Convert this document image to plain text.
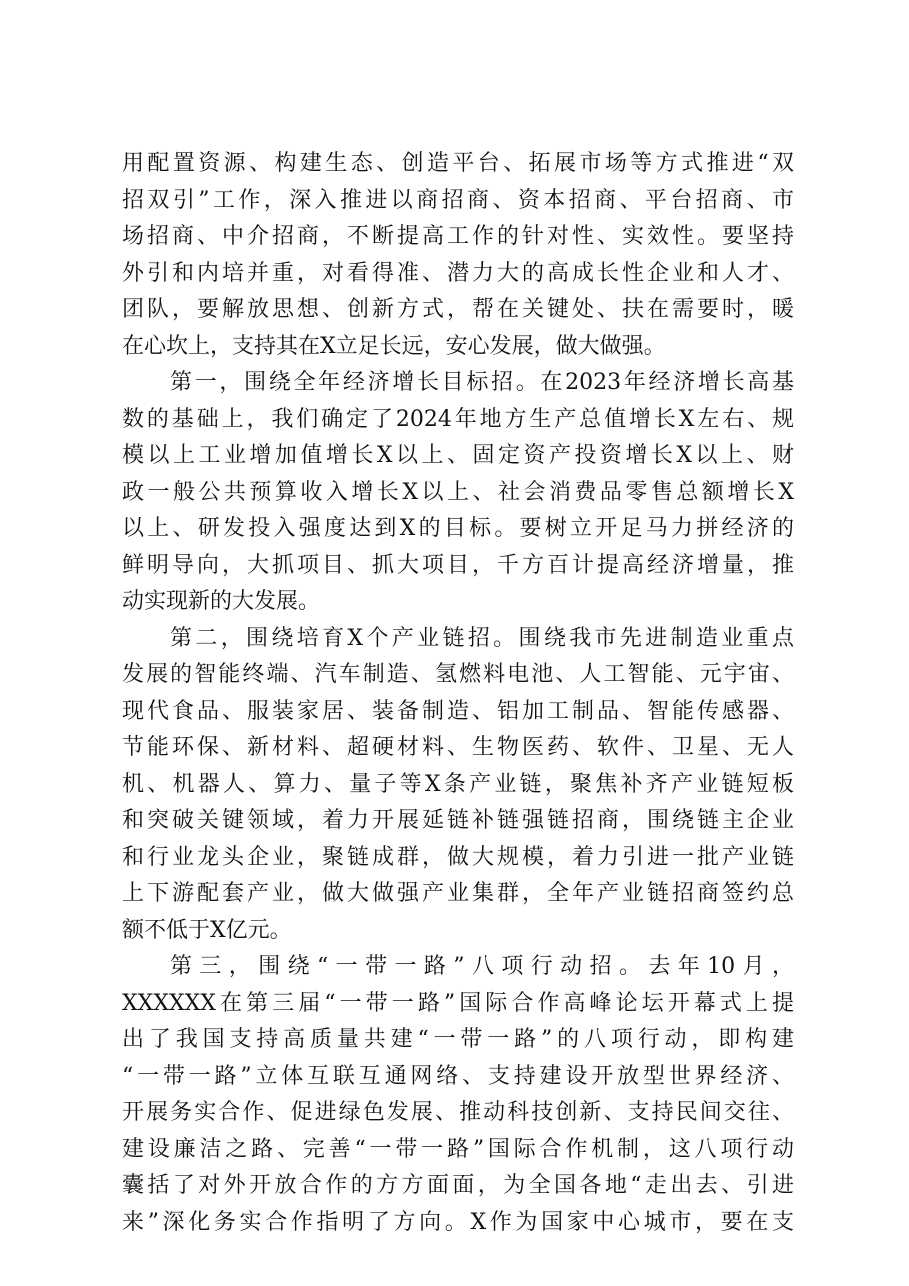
用配置资源、构建生态、创造平台、拓展市场等方式推进“双
招双引”工作，深入推进以商招商、资本招商、平台招商、市
场招商、中介招商，不断提高工作的针对性、实效性。要坚持
外引和内培并重，对看得准、潜力大的高成长性企业和人才、
团队，要解放思想、创新方式，帮在关键处、扶在需要时，暖
在心坎上，支持其在X立足长远，安心发展，做大做强。
第一，围绕全年经济增长目标招。在2023年经济增长高基
数的基础上，我们确定了2024年地方生产总值增长X左右、规
模以上工业增加值增长X以上、固定资产投资增长X以上、财
政一般公共预算收入增长X以上、社会消费品零售总额增长X
以上、研发投入强度达到X的目标。要树立开足马力拼经济的
鲜明导向，大抓项目、抓大项目，千方百计提高经济增量，推
动实现新的大发展。
第二，围绕培育X个产业链招。围绕我市先进制造业重点
发展的智能终端、汽车制造、氢燃料电池、人工智能、元宇宙、
现代食品、服装家居、装备制造、铝加工制品、智能传感器、
节能环保、新材料、超硬材料、生物医药、软件、卫星、无人
机、机器人、算力、量子等X条产业链，聚焦补齐产业链短板
和突破关键领域，着力开展延链补链强链招商，围绕链主企业
和行业龙头企业，聚链成群，做大规模，着力引进一批产业链
上下游配套产业，做大做强产业集群，全年产业链招商签约总
额不低于X亿元。
第三，围绕“一带一路”八项行动招。去年10月，
XXXXXX在第三届“一带一路”国际合作高峰论坛开幕式上提
出了我国支持高质量共建“一带一路”的八项行动，即构建
“一带一路”立体互联互通网络、支持建设开放型世界经济、
开展务实合作、促进绿色发展、推动科技创新、支持民间交往、
建设廉洁之路、完善“一带一路”国际合作机制，这八项行动
囊括了对外开放合作的方方面面，为全国各地“走出去、引进
来”深化务实合作指明了方向。X作为国家中心城市，要在支
